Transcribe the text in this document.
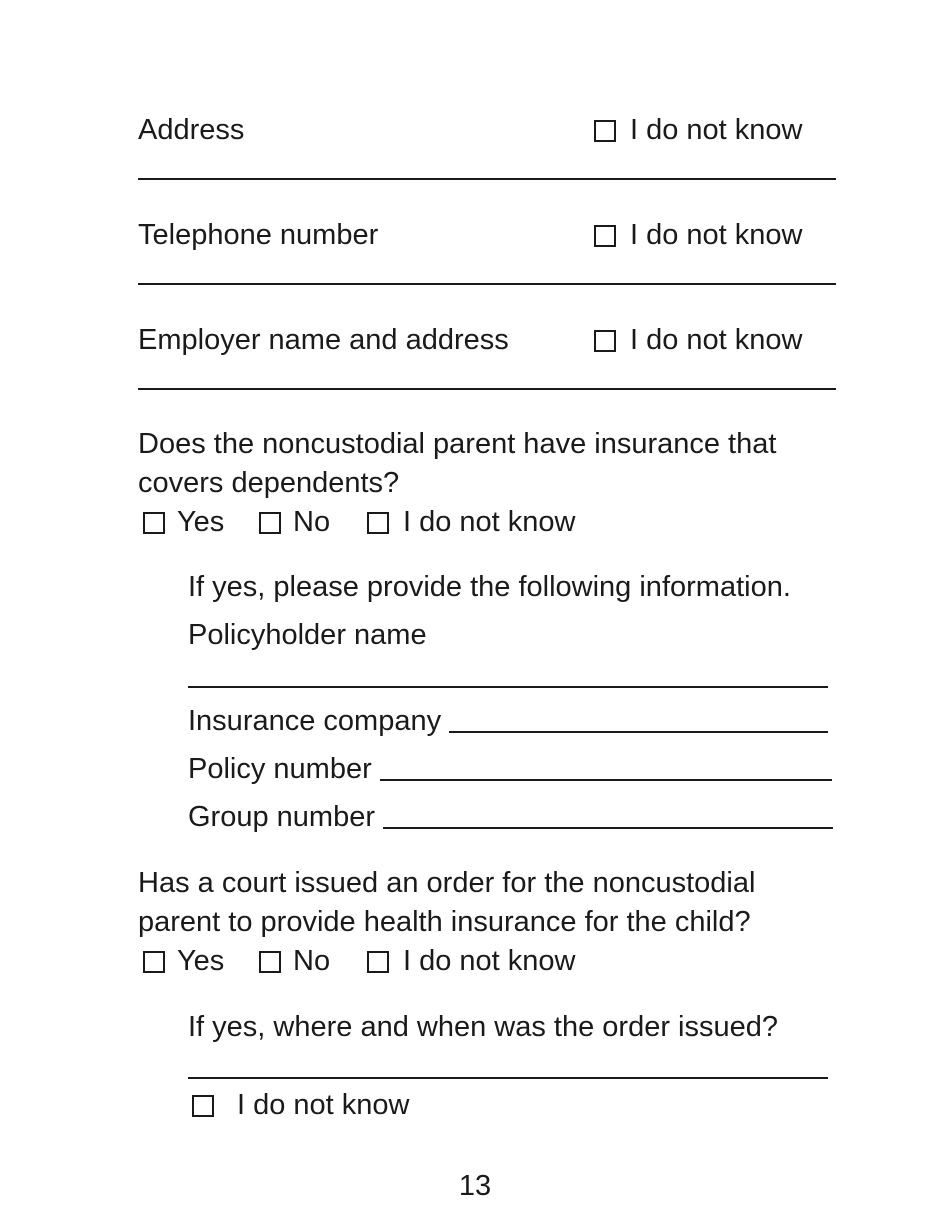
Address	I do not know
Telephone number	I do not know
Employer name and address	I do not know
Does the noncustodial parent have insurance that
covers dependents?
Yes No	I do not know
If yes, please provide the following information.
Policyholder name
Insurance company
Policy number
Group number
Has a court issued an order for the noncustodial
parent to provide health insurance for the child?
Yes No	I do not know
If yes, where and when was the order issued?
I do not know
13
